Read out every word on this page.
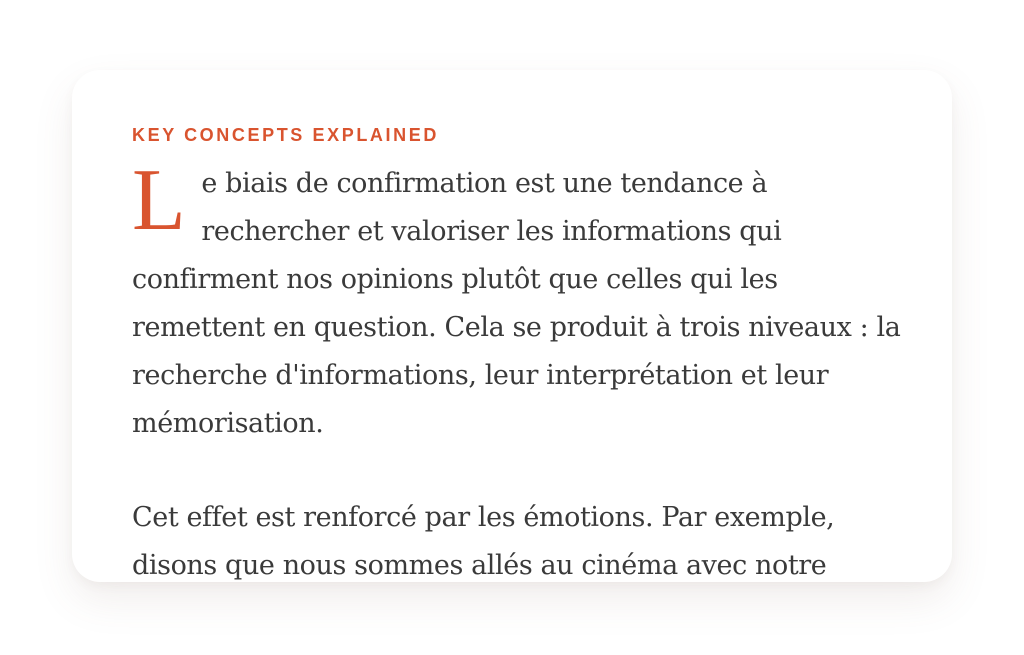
KEY CONCEPTS EXPLAINED

Le biais de confirmation est une tendance à rechercher et valoriser les informations qui confirment nos opinions plutôt que celles qui les remettent en question. Cela se produit à trois niveaux : la recherche d'informations, leur interprétation et leur mémorisation.

Cet effet est renforcé par les émotions. Par exemple, disons que nous sommes allés au cinéma avec notre
